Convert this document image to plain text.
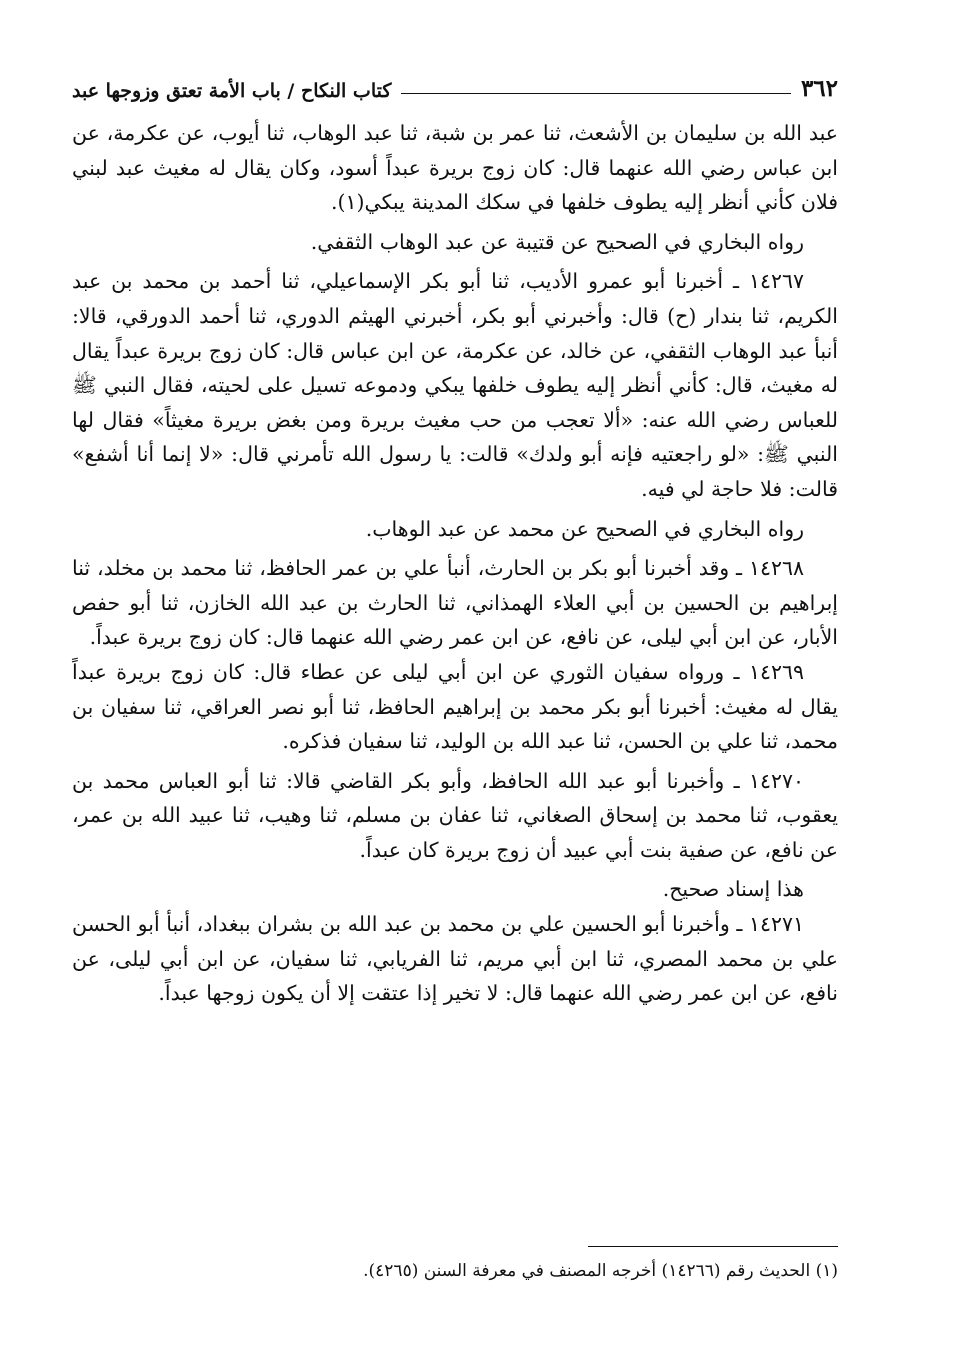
٣٦٢
كتاب النكاح / باب الأمة تعتق وزوجها عبد

عبد الله بن سليمان بن الأشعث، ثنا عمر بن شبة، ثنا عبد الوهاب، ثنا أيوب، عن عكرمة، عن ابن عباس رضي الله عنهما قال: كان زوج بريرة عبداً أسود، وكان يقال له مغيث عبد لبني فلان كأني أنظر إليه يطوف خلفها في سكك المدينة يبكي(١).

رواه البخاري في الصحيح عن قتيبة عن عبد الوهاب الثقفي.

١٤٢٦٧ ـ أخبرنا أبو عمرو الأديب، ثنا أبو بكر الإسماعيلي، ثنا أحمد بن محمد بن عبد الكريم، ثنا بندار (ح) قال: وأخبرني أبو بكر، أخبرني الهيثم الدوري، ثنا أحمد الدورقي، قالا: أنبأ عبد الوهاب الثقفي، عن خالد، عن عكرمة، عن ابن عباس قال: كان زوج بريرة عبداً يقال له مغيث، قال: كأني أنظر إليه يطوف خلفها يبكي ودموعه تسيل على لحيته، فقال النبي ﷺ للعباس رضي الله عنه: «ألا تعجب من حب مغيث بريرة ومن بغض بريرة مغيثاً» فقال لها النبي ﷺ: «لو راجعتيه فإنه أبو ولدك» قالت: يا رسول الله تأمرني قال: «لا إنما أنا أشفع» قالت: فلا حاجة لي فيه.

رواه البخاري في الصحيح عن محمد عن عبد الوهاب.

١٤٢٦٨ ـ وقد أخبرنا أبو بكر بن الحارث، أنبأ علي بن عمر الحافظ، ثنا محمد بن مخلد، ثنا إبراهيم بن الحسين بن أبي العلاء الهمذاني، ثنا الحارث بن عبد الله الخازن، ثنا أبو حفص الأبار، عن ابن أبي ليلى، عن نافع، عن ابن عمر رضي الله عنهما قال: كان زوج بريرة عبداً.

١٤٢٦٩ ـ ورواه سفيان الثوري عن ابن أبي ليلى عن عطاء قال: كان زوج بريرة عبداً يقال له مغيث: أخبرنا أبو بكر محمد بن إبراهيم الحافظ، ثنا أبو نصر العراقي، ثنا سفيان بن محمد، ثنا علي بن الحسن، ثنا عبد الله بن الوليد، ثنا سفيان فذكره.

١٤٢٧٠ ـ وأخبرنا أبو عبد الله الحافظ، وأبو بكر القاضي قالا: ثنا أبو العباس محمد بن يعقوب، ثنا محمد بن إسحاق الصغاني، ثنا عفان بن مسلم، ثنا وهيب، ثنا عبيد الله بن عمر، عن نافع، عن صفية بنت أبي عبيد أن زوج بريرة كان عبداً.

هذا إسناد صحيح.

١٤٢٧١ ـ وأخبرنا أبو الحسين علي بن محمد بن عبد الله بن بشران ببغداد، أنبأ أبو الحسن علي بن محمد المصري، ثنا ابن أبي مريم، ثنا الفريابي، ثنا سفيان، عن ابن أبي ليلى، عن نافع، عن ابن عمر رضي الله عنهما قال: لا تخير إذا عتقت إلا أن يكون زوجها عبداً.

(١) الحديث رقم (١٤٢٦٦) أخرجه المصنف في معرفة السنن (٤٢٦٥).
